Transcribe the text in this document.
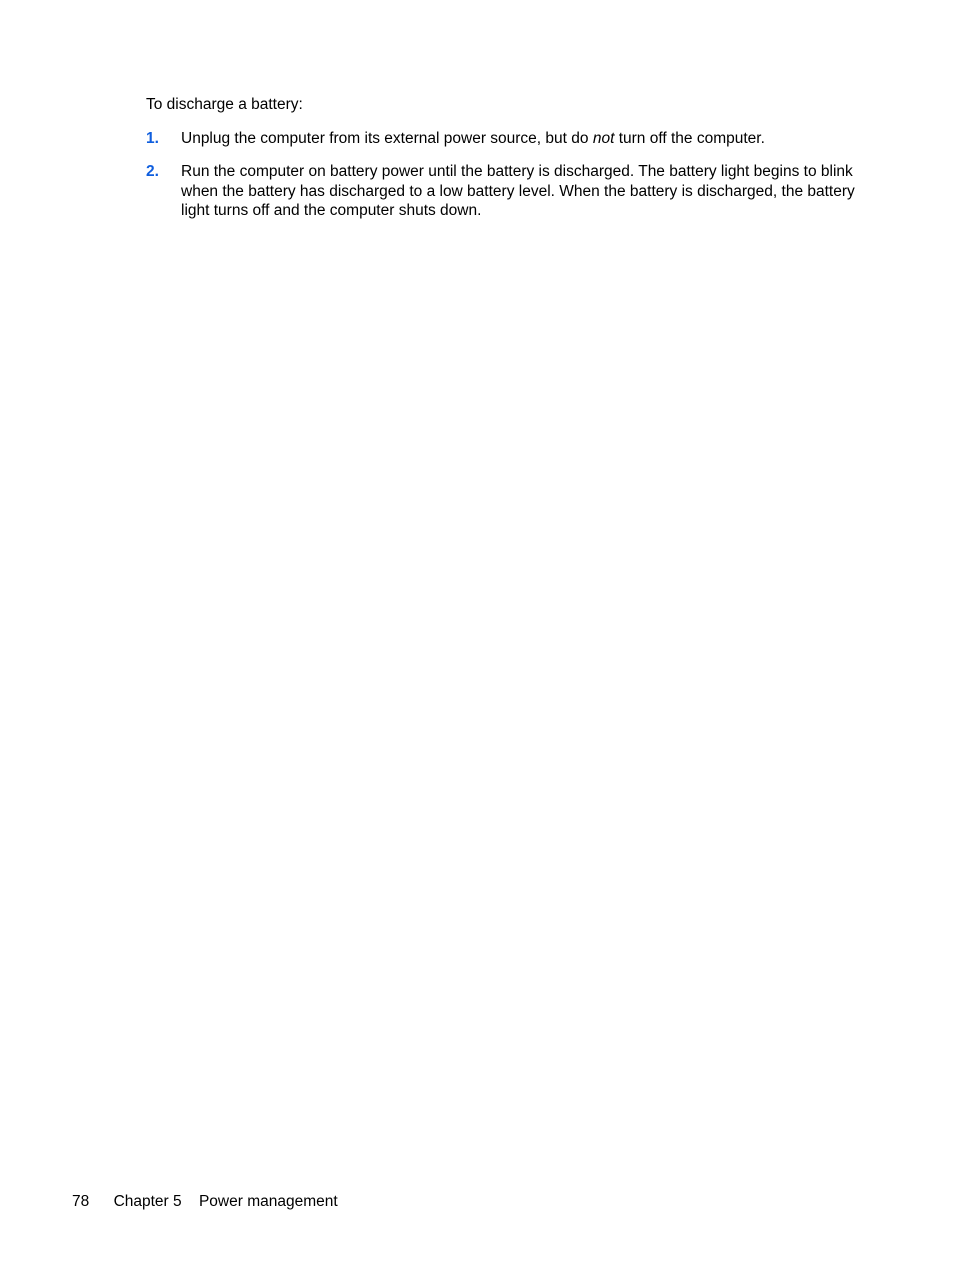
To discharge a battery:

1.	Unplug the computer from its external power source, but do not turn off the computer.
2.	Run the computer on battery power until the battery is discharged. The battery light begins to blink when the battery has discharged to a low battery level. When the battery is discharged, the battery light turns off and the computer shuts down.
78 Chapter 5 Power management
